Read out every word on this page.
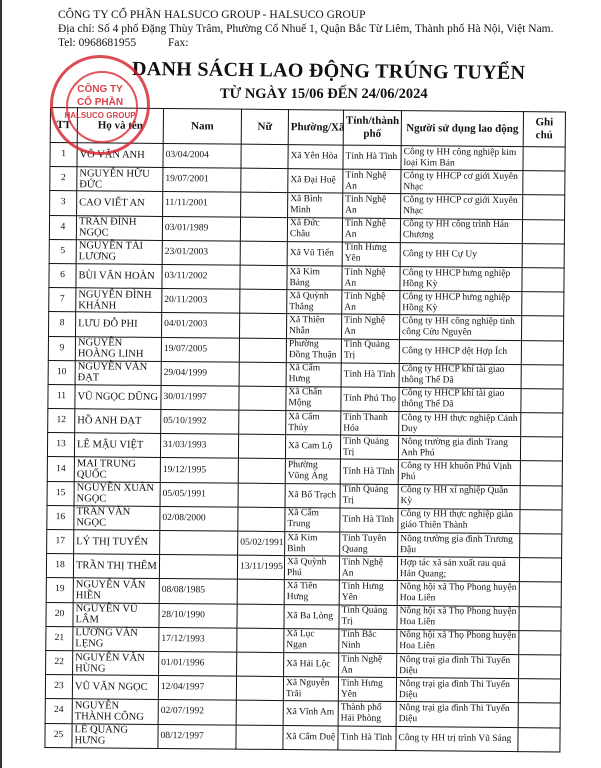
CÔNG TY CỔ PHẦN HALSUCO GROUP - HALSUCO GROUP
Địa chỉ: Số 4 phố Đặng Thùy Trâm, Phường Cổ Nhuế 1, Quận Bắc Từ Liêm, Thành phố Hà Nội, Việt Nam.
Tel: 0968681955	Fax:
DANH SÁCH LAO ĐỘNG TRÚNG TUYỂN
TỪ NGÀY 15/06 ĐẾN 24/06/2024
TT	Họ và tên	Nam	Nữ	Phường/Xã	Tỉnh/thành phố	Người sử dụng lao động	Ghi chú
1	VÕ VĂN ANH	03/04/2004		Xã Yên Hòa	Tỉnh Hà Tĩnh	Công ty HH công nghiệp kim loại Kim Bản	
2	NGUYỄN HỮU ĐỨC	19/07/2001		Xã Đại Huệ	Tỉnh Nghệ An	Công ty HHCP cơ giới Xuyên Nhạc	
3	CAO VIẾT AN	11/11/2001		Xã Bình Minh	Tỉnh Nghệ An	Công ty HHCP cơ giới Xuyên Nhạc	
4	TRẦN ĐÌNH NGỌC	03/01/1989		Xã Đức Châu	Tỉnh Nghệ An	Công ty HH công trình Hán Chương	
5	NGUYỄN TÀI LƯƠNG	23/01/2003		Xã Vũ Tiến	Tỉnh Hưng Yên	Công ty HH Cự Uy	
6	BÙI VĂN HOÀN	03/11/2002		Xã Kim Bảng	Tỉnh Nghệ An	Công ty HHCP hưng nghiệp Hồng Kỳ	
7	NGUYỄN ĐÌNH KHÁNH	20/11/2003		Xã Quỳnh Thắng	Tỉnh Nghệ An	Công ty HHCP hưng nghiệp Hồng Kỳ	
8	LƯU ĐỖ PHI	04/01/2003		Xã Thiên Nhẫn	Tỉnh Nghệ An	Công ty HH công nghiệp tinh công Cửu Nguyên	
9	NGUYỄN HOÀNG LINH	19/07/2005		Phường Đồng Thuận	Tỉnh Quảng Trị	Công ty HHCP dệt Hợp Ích	
10	NGUYỄN VĂN ĐẠT	29/04/1999		Xã Cẩm Hưng	Tỉnh Hà Tĩnh	Công ty HHCP khí tài giao thông Thế Dã	
11	VŨ NGỌC DŨNG	30/01/1997		Xã Chấn Mộng	Tỉnh Phú Thọ	Công ty HHCP khí tài giao thông Thế Dã	
12	HỒ ANH ĐẠT	05/10/1992		Xã Cẩm Thủy	Tỉnh Thanh Hóa	Công ty HH thực nghiệp Cảnh Duy	
13	LÊ MẬU VIỆT	31/03/1993		Xã Cam Lộ	Tỉnh Quảng Trị	Nông trường gia đình Trang Anh Phú	
14	MAI TRUNG QUỐC	19/12/1995		Phường Vũng Áng	Tỉnh Hà Tĩnh	Công ty HH khuôn Phú Vịnh Phú	
15	NGUYỄN XUÂN NGỌC	05/05/1991		Xã Bố Trạch	Tỉnh Quảng Trị	Công ty HH xí nghiệp Quân Kỳ	
16	TRẦN VĂN NGỌC	02/08/2000		Xã Cẩm Trung	Tỉnh Hà Tĩnh	Công ty HH thực nghiệp giàn giáo Thiên Thành	
17	LÝ THỊ TUYẾN		05/02/1991	Xã Kim Bình	Tỉnh Tuyên Quang	Nông trường gia đình Trương Đậu	
18	TRẦN THỊ THÊM		13/11/1995	Xã Quỳnh Phú	Tỉnh Nghệ An	Hợp tác xã sản xuất rau quả Hán Quang;	
19	NGUYỄN VĂN HIỀN	08/08/1985		Xã Tiên Hưng	Tỉnh Hưng Yên	Nông hội xã Thọ Phong huyện Hoa Liên	
20	NGUYỄN VŨ LÂM	28/10/1990		Xã Ba Lòng	Tỉnh Quảng Trị	Nông hội xã Thọ Phong huyện Hoa Liên	
21	LƯƠNG VĂN LẸNG	17/12/1993		Xã Lục Ngạn	Tỉnh Bắc Ninh	Nông hội xã Thọ Phong huyện Hoa Liên	
22	NGUYỄN VĂN HÙNG	01/01/1996		Xã Hải Lộc	Tỉnh Nghệ An	Nông trại gia đình Thi Tuyển Diệu	
23	VŨ VĂN NGỌC	12/04/1997		Xã Nguyễn Trãi	Tỉnh Hưng Yên	Nông trại gia đình Thi Tuyển Diệu	
24	NGUYỄN THÀNH CÔNG	02/07/1992		Xã Vĩnh Am	Thành phố Hải Phòng	Nông trại gia đình Thi Tuyển Diệu	
25	LÊ QUANG HƯNG	08/12/1997		Xã Cẩm Duệ	Tỉnh Hà Tĩnh	Công ty HH trị trình Vũ Sáng	
CÔNG TY
CỔ PHẦN
HALSUCO GROUP
